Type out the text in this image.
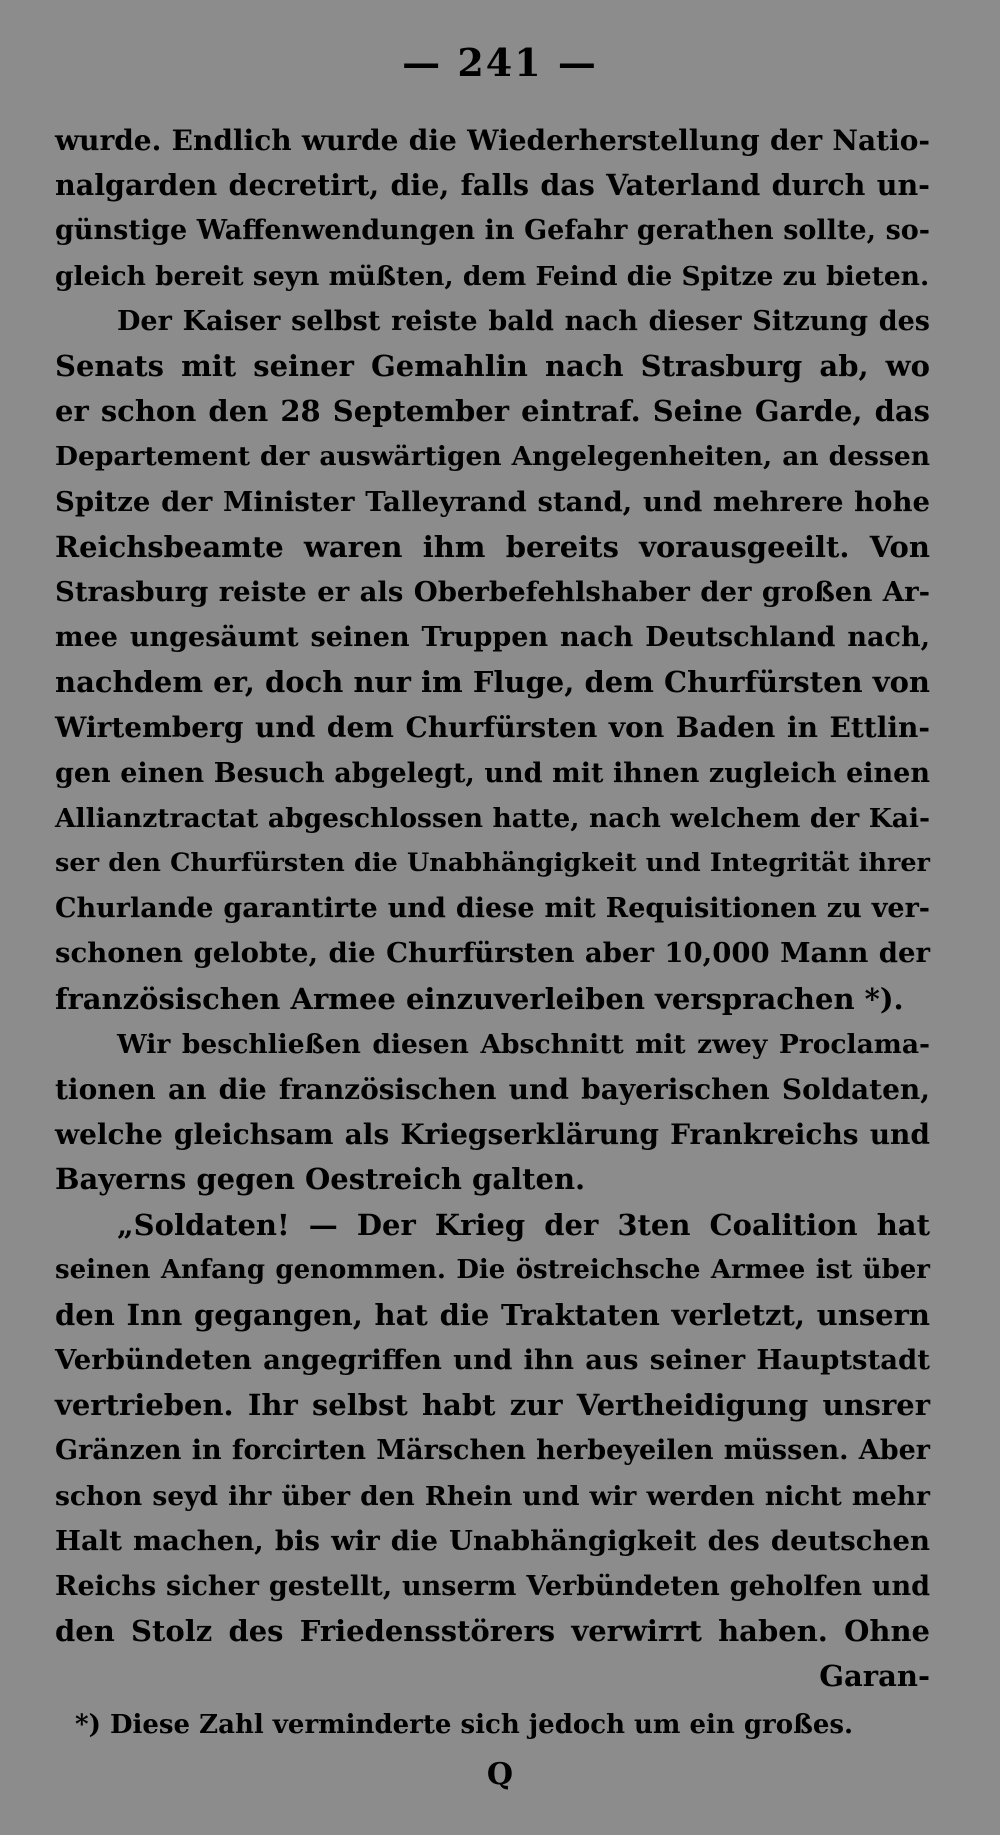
— 241 —
wurde. Endlich wurde die Wiederherstellung der Natio-
nalgarden decretirt, die, falls das Vaterland durch un-
günstige Waffenwendungen in Gefahr gerathen sollte, so-
gleich bereit seyn müßten, dem Feind die Spitze zu bieten.
Der Kaiser selbst reiste bald nach dieser Sitzung des
Senats mit seiner Gemahlin nach Strasburg ab, wo
er schon den 28 September eintraf. Seine Garde, das
Departement der auswärtigen Angelegenheiten, an dessen
Spitze der Minister Talleyrand stand, und mehrere hohe
Reichsbeamte waren ihm bereits vorausgeeilt. Von
Strasburg reiste er als Oberbefehlshaber der großen Ar-
mee ungesäumt seinen Truppen nach Deutschland nach,
nachdem er, doch nur im Fluge, dem Churfürsten von
Wirtemberg und dem Churfürsten von Baden in Ettlin-
gen einen Besuch abgelegt, und mit ihnen zugleich einen
Allianztractat abgeschlossen hatte, nach welchem der Kai-
ser den Churfürsten die Unabhängigkeit und Integrität ihrer
Churlande garantirte und diese mit Requisitionen zu ver-
schonen gelobte, die Churfürsten aber 10,000 Mann der
französischen Armee einzuverleiben versprachen *).
Wir beschließen diesen Abschnitt mit zwey Proclama-
tionen an die französischen und bayerischen Soldaten,
welche gleichsam als Kriegserklärung Frankreichs und
Bayerns gegen Oestreich galten.
„Soldaten! — Der Krieg der 3ten Coalition hat
seinen Anfang genommen. Die östreichsche Armee ist über
den Inn gegangen, hat die Traktaten verletzt, unsern
Verbündeten angegriffen und ihn aus seiner Hauptstadt
vertrieben. Ihr selbst habt zur Vertheidigung unsrer
Gränzen in forcirten Märschen herbeyeilen müssen. Aber
schon seyd ihr über den Rhein und wir werden nicht mehr
Halt machen, bis wir die Unabhängigkeit des deutschen
Reichs sicher gestellt, unserm Verbündeten geholfen und
den Stolz des Friedensstörers verwirrt haben. Ohne
Garan-
*) Diese Zahl verminderte sich jedoch um ein großes.
Q
